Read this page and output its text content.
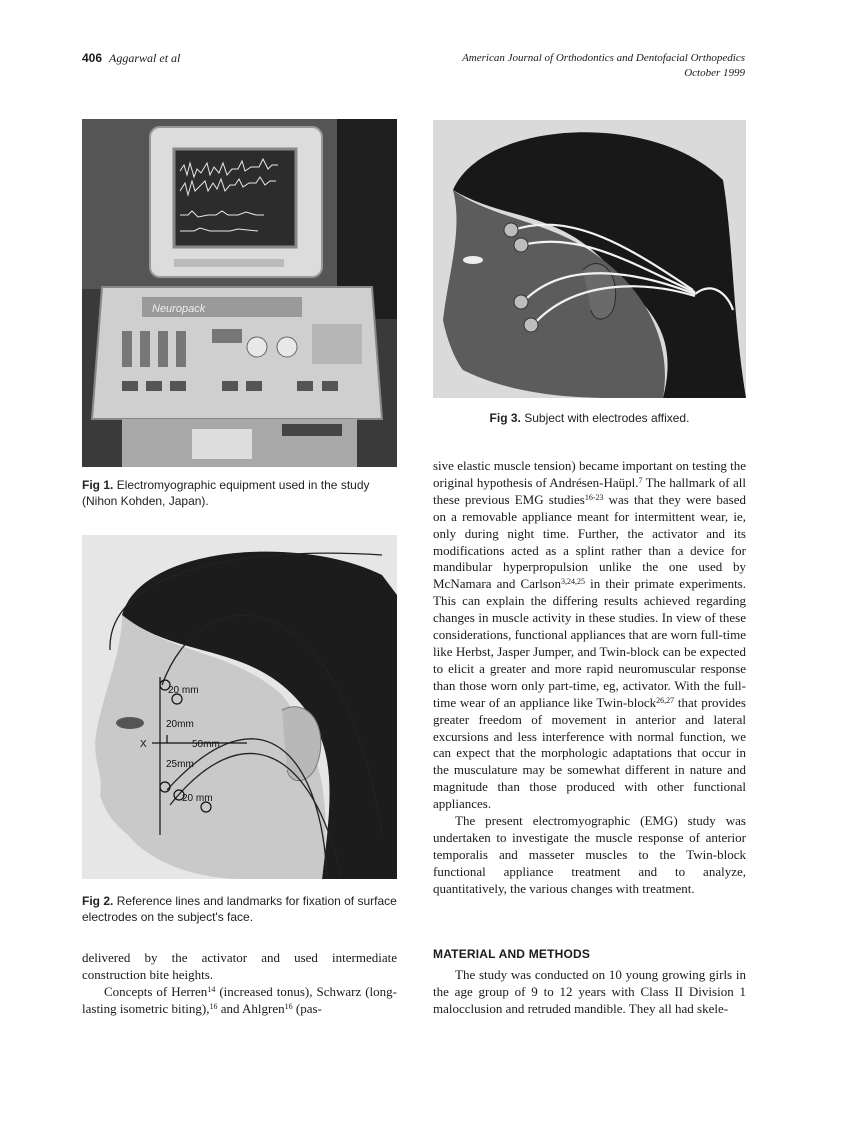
406 Aggarwal et al	American Journal of Orthodontics and Dentofacial Orthopedics
October 1999
Neuropack
Fig 1. Electromyographic equipment used in the study (Nihon Kohden, Japan).
20 mm
20mm
X	50mm
25mm
20 mm
Fig 2. Reference lines and landmarks for fixation of surface electrodes on the subject's face.
Fig 3. Subject with electrodes affixed.

delivered by the activator and used intermediate construction bite heights.

Concepts of Herren$^{14}$ (increased tonus), Schwarz (long-lasting isometric biting),$^{16}$ and Ahlgren$^{16}$ (pas-

sive elastic muscle tension) became important on testing the original hypothesis of Andrésen-Haüpl.$^7$ The hallmark of all these previous EMG studies$^{16-23}$ was that they were based on a removable appliance meant for intermittent wear, ie, only during night time. Further, the activator and its modifications acted as a splint rather than a device for mandibular hyperpropulsion unlike the one used by McNamara and Carlson$^{3,24,25}$ in their primate experiments. This can explain the differing results achieved regarding changes in muscle activity in these studies. In view of these considerations, functional appliances that are worn full-time like Herbst, Jasper Jumper, and Twin-block can be expected to elicit a greater and more rapid neuromuscular response than those worn only part-time, eg, activator. With the full-time wear of an appliance like Twin-block$^{26,27}$ that provides greater freedom of movement in anterior and lateral excursions and less interference with normal function, we can expect that the morphologic adaptations that occur in the musculature may be somewhat different in nature and magnitude than those produced with other functional appliances.

The present electromyographic (EMG) study was undertaken to investigate the muscle response of anterior temporalis and masseter muscles to the Twin-block functional appliance treatment and to analyze, quantitatively, the various changes with treatment.

MATERIAL AND METHODS

The study was conducted on 10 young growing girls in the age group of 9 to 12 years with Class II Division 1 malocclusion and retruded mandible. They all had skele-
